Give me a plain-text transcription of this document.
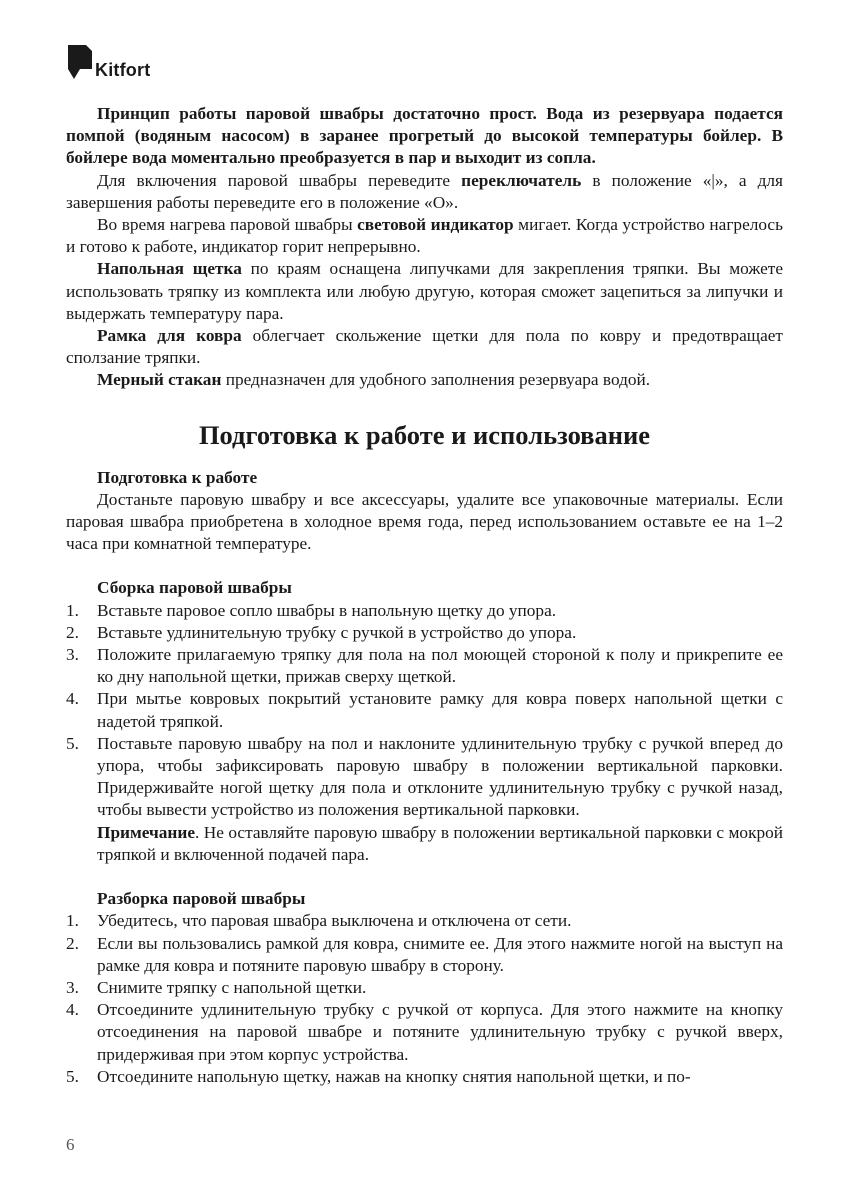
Kitfort

Принцип работы паровой швабры достаточно прост. Вода из резервуара подается помпой (водяным насосом) в заранее прогретый до высокой температуры бойлер. В бойлере вода моментально преобразуется в пар и выходит из сопла.

Для включения паровой швабры переведите переключатель в положение «|», а для завершения работы переведите его в положение «O».

Во время нагрева паровой швабры световой индикатор мигает. Когда устройство нагрелось и готово к работе, индикатор горит непрерывно.

Напольная щетка по краям оснащена липучками для закрепления тряпки. Вы можете использовать тряпку из комплекта или любую другую, которая сможет зацепиться за липучки и выдержать температуру пара.

Рамка для ковра облегчает скольжение щетки для пола по ковру и предотвращает сползание тряпки.

Мерный стакан предназначен для удобного заполнения резервуара водой.

Подготовка к работе и использование
Подготовка к работе

Достаньте паровую швабру и все аксессуары, удалите все упаковочные материалы. Если паровая швабра приобретена в холодное время года, перед использованием оставьте ее на 1–2 часа при комнатной температуре.

Сборка паровой швабры
1.	Вставьте паровое сопло швабры в напольную щетку до упора.
2.	Вставьте удлинительную трубку с ручкой в устройство до упора.
3.	Положите прилагаемую тряпку для пола на пол моющей стороной к полу и прикрепите ее ко дну напольной щетки, прижав сверху щеткой.
4.	При мытье ковровых покрытий установите рамку для ковра поверх напольной щетки с надетой тряпкой.
5.	Поставьте паровую швабру на пол и наклоните удлинительную трубку с ручкой вперед до упора, чтобы зафиксировать паровую швабру в положении вертикальной парковки. Придерживайте ногой щетку для пола и отклоните удлинительную трубку с ручкой назад, чтобы вывести устройство из положения вертикальной парковки.

Примечание. Не оставляйте паровую швабру в положении вертикальной парковки с мокрой тряпкой и включенной подачей пара.

Разборка паровой швабры
1.	Убедитесь, что паровая швабра выключена и отключена от сети.
2.	Если вы пользовались рамкой для ковра, снимите ее. Для этого нажмите ногой на выступ на рамке для ковра и потяните паровую швабру в сторону.
3.	Снимите тряпку с напольной щетки.
4.	Отсоедините удлинительную трубку с ручкой от корпуса. Для этого нажмите на кнопку отсоединения на паровой швабре и потяните удлинительную трубку с ручкой вверх, придерживая при этом корпус устройства.
5.	Отсоедините напольную щетку, нажав на кнопку снятия напольной щетки, и по-
6
